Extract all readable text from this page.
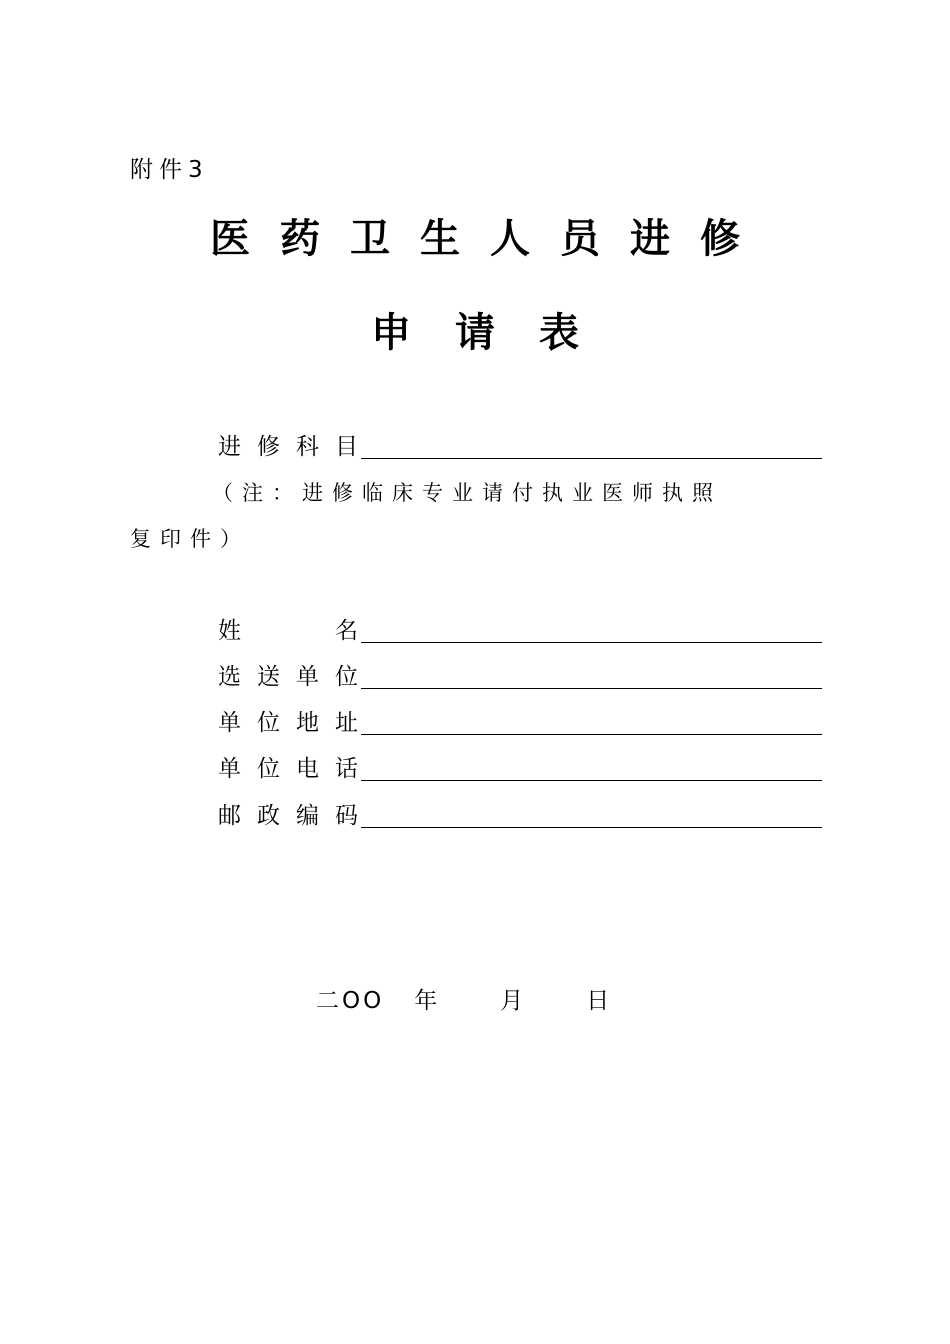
附件3
医药卫生人员进修
申请表
进 修 科 目
（注：进修临床专业请付执业医师执照
复印件）
姓	名
选 送 单 位
单 位 地 址
单 位 电 话
邮 政 编 码
二OO 年	月	日
